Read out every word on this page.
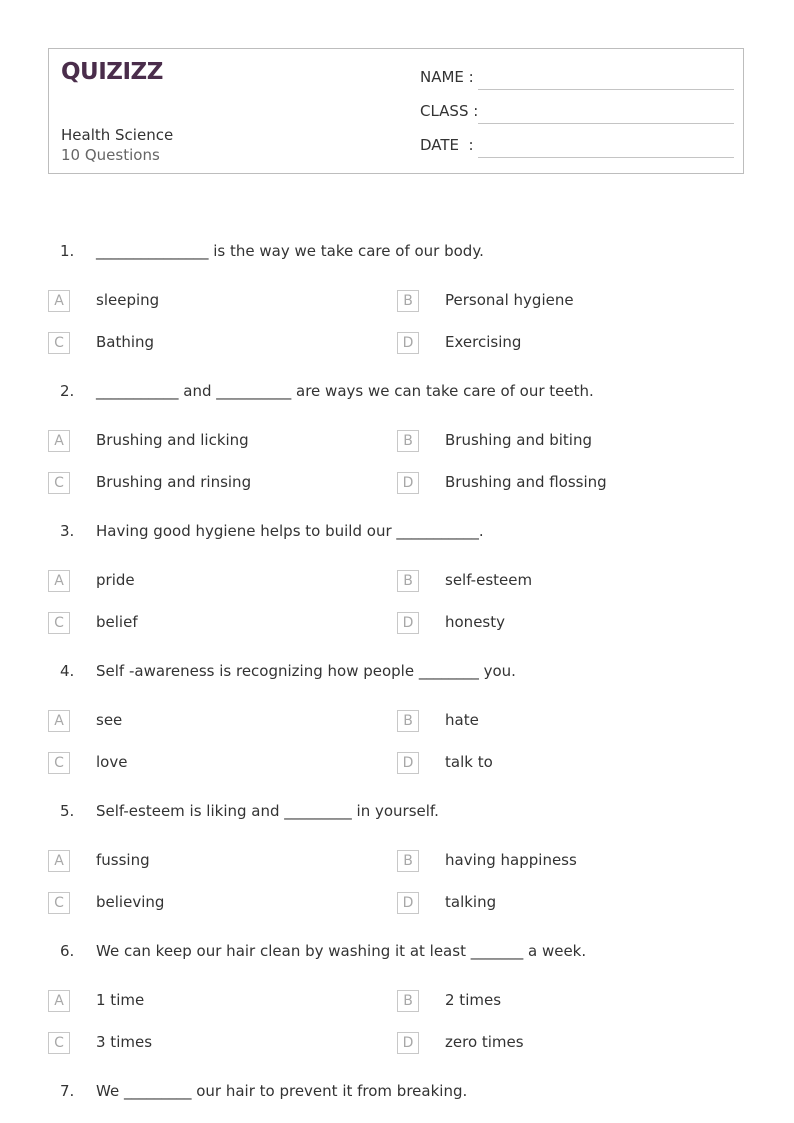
QUIZIZZ
Health Science
10 Questions
NAME :
CLASS :
DATE  :
1. _______________ is the way we take care of our body.
A	sleeping	B	Personal hygiene
C	Bathing	D	Exercising
2. ___________ and __________ are ways we can take care of our teeth.
A	Brushing and licking	B	Brushing and biting
C	Brushing and rinsing	D	Brushing and flossing
3. Having good hygiene helps to build our ___________.
A	pride	B	self-esteem
C	belief	D	honesty
4. Self -awareness is recognizing how people ________ you.
A	see	B	hate
C	love	D	talk to
5. Self-esteem is liking and _________ in yourself.
A	fussing	B	having happiness
C	believing	D	talking
6. We can keep our hair clean by washing it at least _______ a week.
A	1 time	B	2 times
C	3 times	D	zero times
7. We _________ our hair to prevent it from breaking.
